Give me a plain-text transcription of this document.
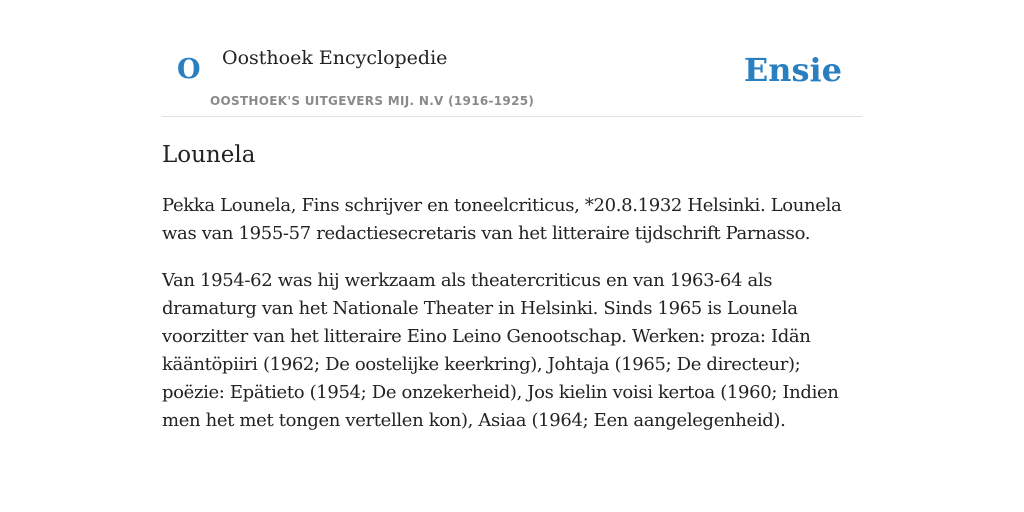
O Oosthoek Encyclopedie
OOSTHOEK'S UITGEVERS MIJ. N.V (1916-1925)
Ensie
Lounela

Pekka Lounela, Fins schrijver en toneelcriticus, *20.8.1932 Helsinki. Lounela was van 1955-57 redactiesecretaris van het litteraire tijdschrift Parnasso.

Van 1954-62 was hij werkzaam als theatercriticus en van 1963-64 als dramaturg van het Nationale Theater in Helsinki. Sinds 1965 is Lounela voorzitter van het litteraire Eino Leino Genootschap. Werken: proza: Idän kääntöpiiri (1962; De oostelijke keerkring), Johtaja (1965; De directeur); poëzie: Epätieto (1954; De onzekerheid), Jos kielin voisi kertoa (1960; Indien men het met tongen vertellen kon), Asiaa (1964; Een aangelegenheid).
